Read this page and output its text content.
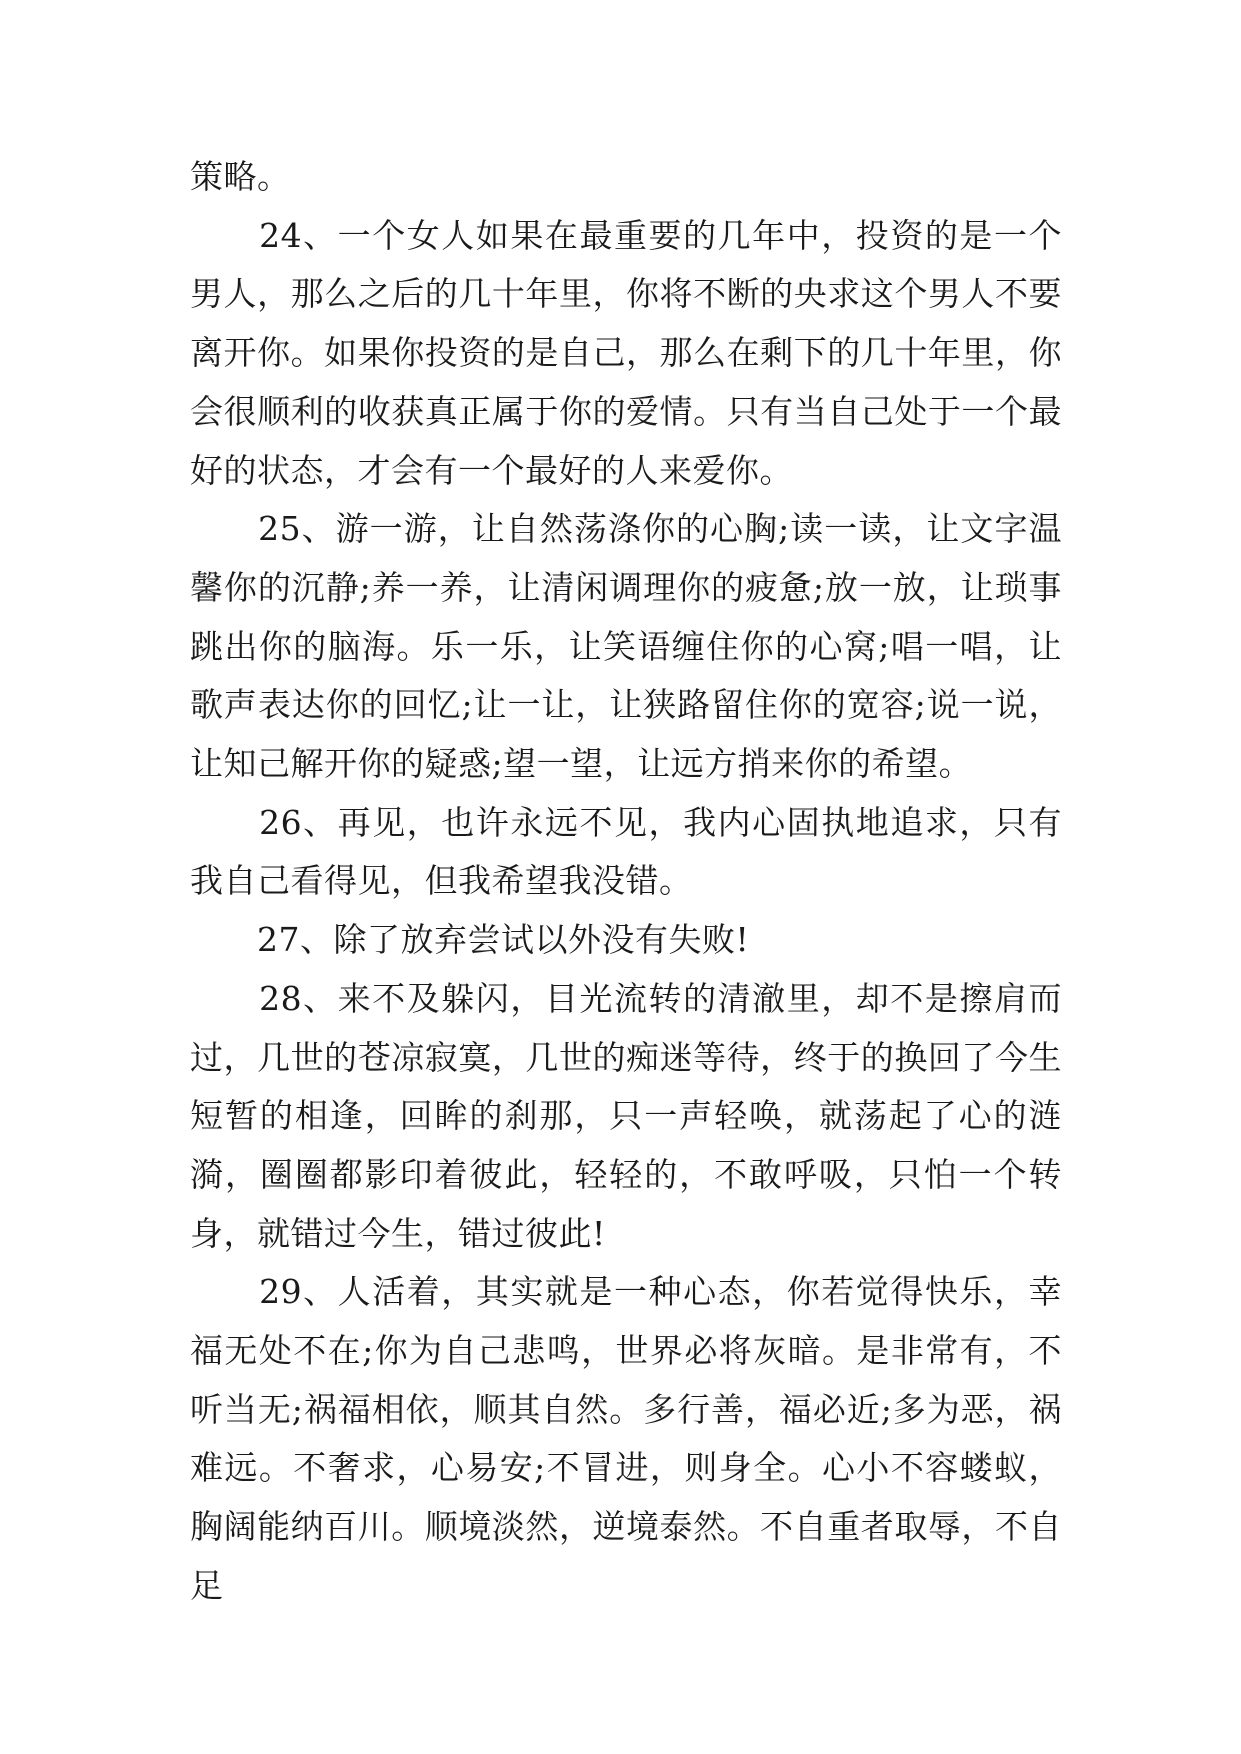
策略。

　　24、一个女人如果在最重要的几年中，投资的是一个男人，那么之后的几十年里，你将不断的央求这个男人不要离开你。如果你投资的是自己，那么在剩下的几十年里，你会很顺利的收获真正属于你的爱情。只有当自己处于一个最好的状态，才会有一个最好的人来爱你。

　　25、游一游，让自然荡涤你的心胸;读一读，让文字温馨你的沉静;养一养，让清闲调理你的疲惫;放一放，让琐事跳出你的脑海。乐一乐，让笑语缠住你的心窝;唱一唱，让歌声表达你的回忆;让一让，让狭路留住你的宽容;说一说，让知己解开你的疑惑;望一望，让远方捎来你的希望。

　　26、再见，也许永远不见，我内心固执地追求，只有我自己看得见，但我希望我没错。

　　27、除了放弃尝试以外没有失败!

　　28、来不及躲闪，目光流转的清澈里，却不是擦肩而过，几世的苍凉寂寞，几世的痴迷等待，终于的换回了今生短暂的相逢，回眸的刹那，只一声轻唤，就荡起了心的涟漪，圈圈都影印着彼此，轻轻的，不敢呼吸，只怕一个转身，就错过今生，错过彼此!

　　29、人活着，其实就是一种心态，你若觉得快乐，幸福无处不在;你为自己悲鸣，世界必将灰暗。是非常有，不听当无;祸福相依，顺其自然。多行善，福必近;多为恶，祸难远。不奢求，心易安;不冒进，则身全。心小不容蝼蚁，胸阔能纳百川。顺境淡然，逆境泰然。不自重者取辱，不自足
